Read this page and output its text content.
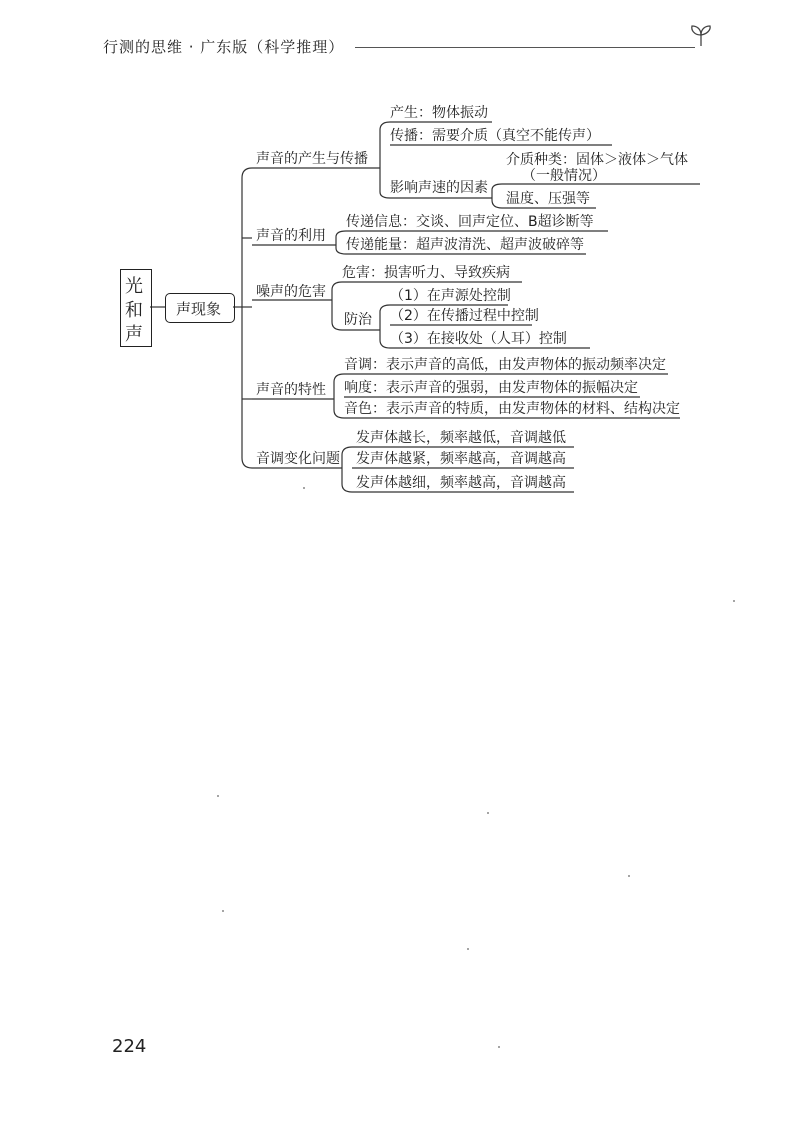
行测的思维 · 广东版（科学推理）
光
和
声
声现象
声音的产生与传播
产生：物体振动
传播：需要介质（真空不能传声）
影响声速的因素
介质种类：固体＞液体＞气体
（一般情况）
温度、压强等
声音的利用
传递信息：交谈、回声定位、B超诊断等
传递能量：超声波清洗、超声波破碎等
噪声的危害
危害：损害听力、导致疾病
防治
（1）在声源处控制
（2）在传播过程中控制
（3）在接收处（人耳）控制
声音的特性
音调：表示声音的高低，由发声物体的振动频率决定
响度：表示声音的强弱，由发声物体的振幅决定
音色：表示声音的特质，由发声物体的材料、结构决定
音调变化问题
发声体越长，频率越低，音调越低
发声体越紧，频率越高，音调越高
发声体越细，频率越高，音调越高
224
